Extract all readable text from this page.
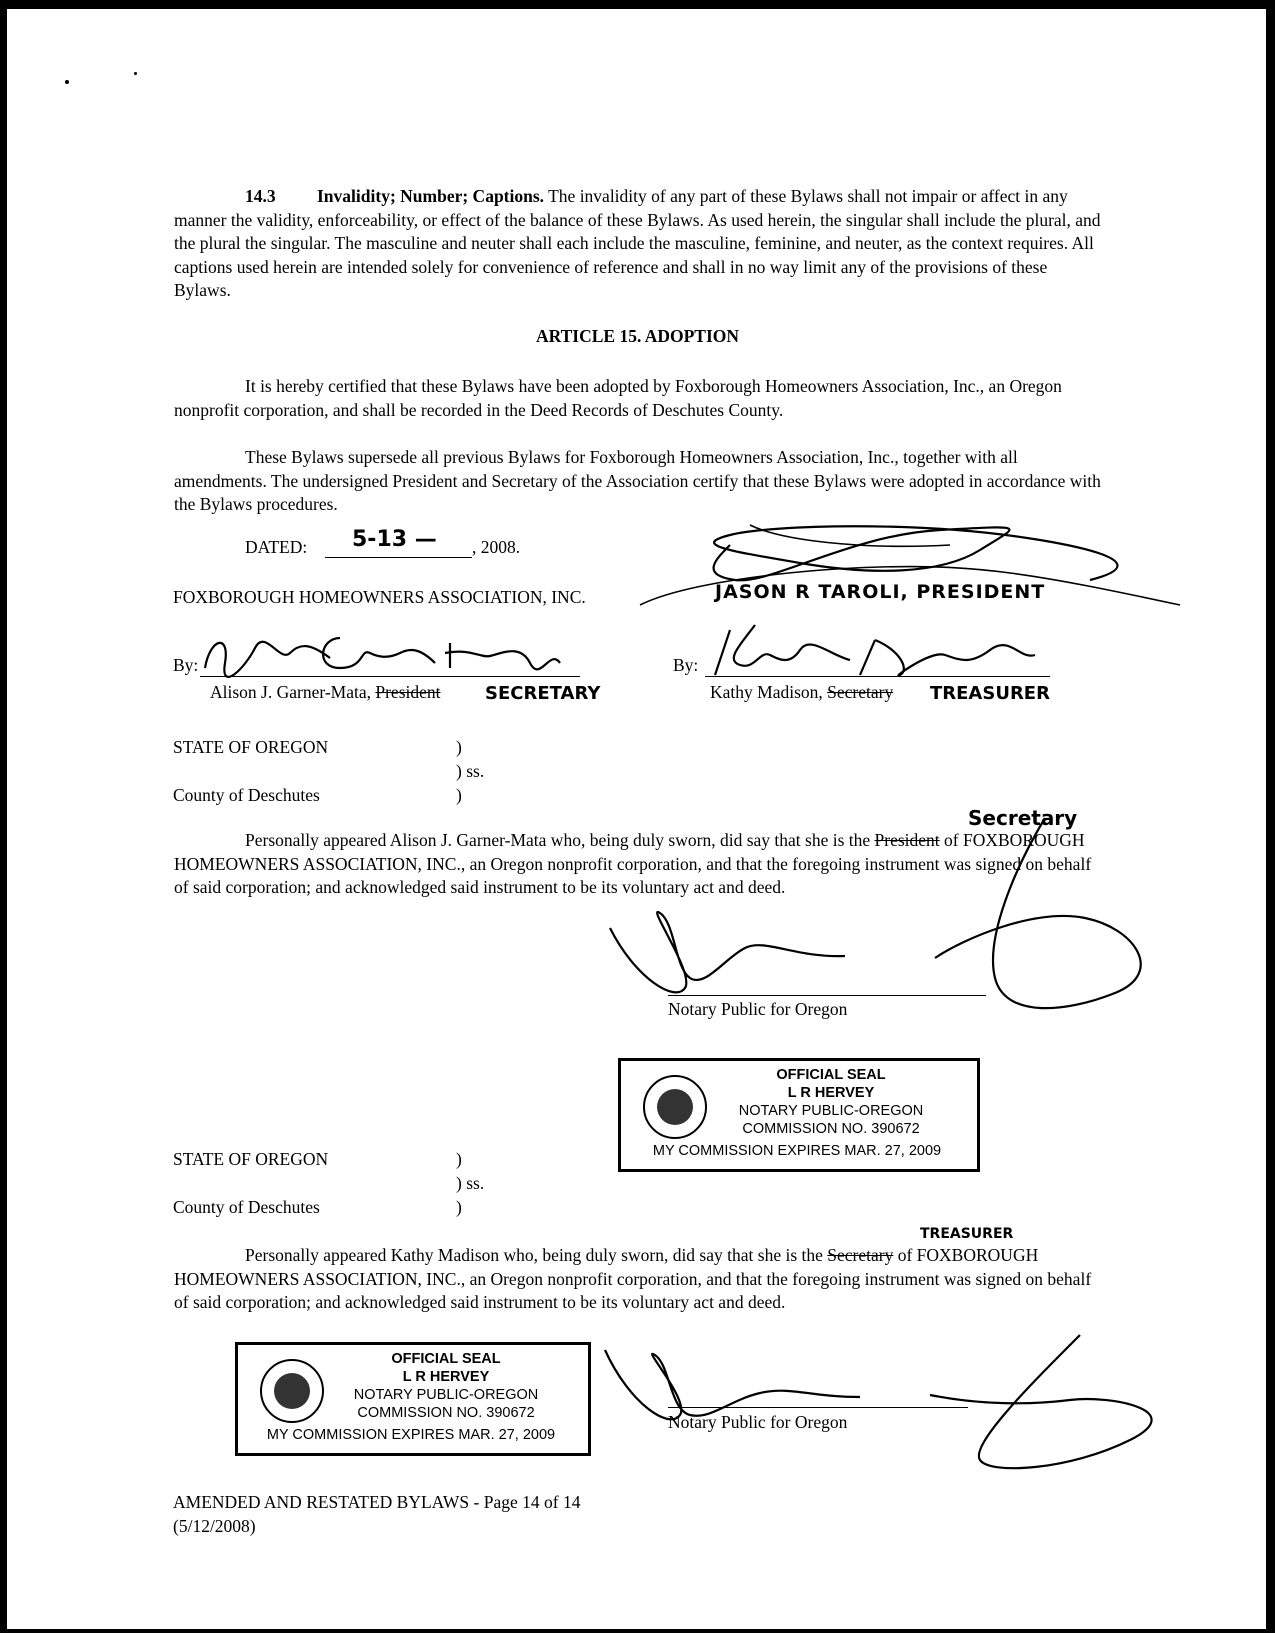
14.3 Invalidity; Number; Captions. The invalidity of any part of these Bylaws shall not impair or affect in any manner the validity, enforceability, or effect of the balance of these Bylaws. As used herein, the singular shall include the plural, and the plural the singular. The masculine and neuter shall each include the masculine, feminine, and neuter, as the context requires. All captions used herein are intended solely for convenience of reference and shall in no way limit any of the provisions of these Bylaws.

ARTICLE 15. ADOPTION

It is hereby certified that these Bylaws have been adopted by Foxborough Homeowners Association, Inc., an Oregon nonprofit corporation, and shall be recorded in the Deed Records of Deschutes County.

These Bylaws supersede all previous Bylaws for Foxborough Homeowners Association, Inc., together with all amendments. The undersigned President and Secretary of the Association certify that these Bylaws were adopted in accordance with the Bylaws procedures.

DATED: 5-13 — , 2008.
FOXBOROUGH HOMEOWNERS ASSOCIATION, INC.	JASON R TAROLI, PRESIDENT
By:
Alison J. Garner-Mata, President SECRETARY
By:
Kathy Madison, Secretary TREASURER
STATE OF OREGON	)
) ss.
County of Deschutes	)
Secretary

Personally appeared Alison J. Garner-Mata who, being duly sworn, did say that she is the President of FOXBOROUGH HOMEOWNERS ASSOCIATION, INC., an Oregon nonprofit corporation, and that the foregoing instrument was signed on behalf of said corporation; and acknowledged said instrument to be its voluntary act and deed.

Notary Public for Oregon
OFFICIAL SEAL
L R HERVEY
NOTARY PUBLIC-OREGON
COMMISSION NO. 390672
MY COMMISSION EXPIRES MAR. 27, 2009
STATE OF OREGON	)
) ss.
County of Deschutes	)
TREASURER

Personally appeared Kathy Madison who, being duly sworn, did say that she is the Secretary of FOXBOROUGH HOMEOWNERS ASSOCIATION, INC., an Oregon nonprofit corporation, and that the foregoing instrument was signed on behalf of said corporation; and acknowledged said instrument to be its voluntary act and deed.

OFFICIAL SEAL
L R HERVEY
NOTARY PUBLIC-OREGON
COMMISSION NO. 390672
MY COMMISSION EXPIRES MAR. 27, 2009
Notary Public for Oregon
AMENDED AND RESTATED BYLAWS - Page 14 of 14
(5/12/2008)
